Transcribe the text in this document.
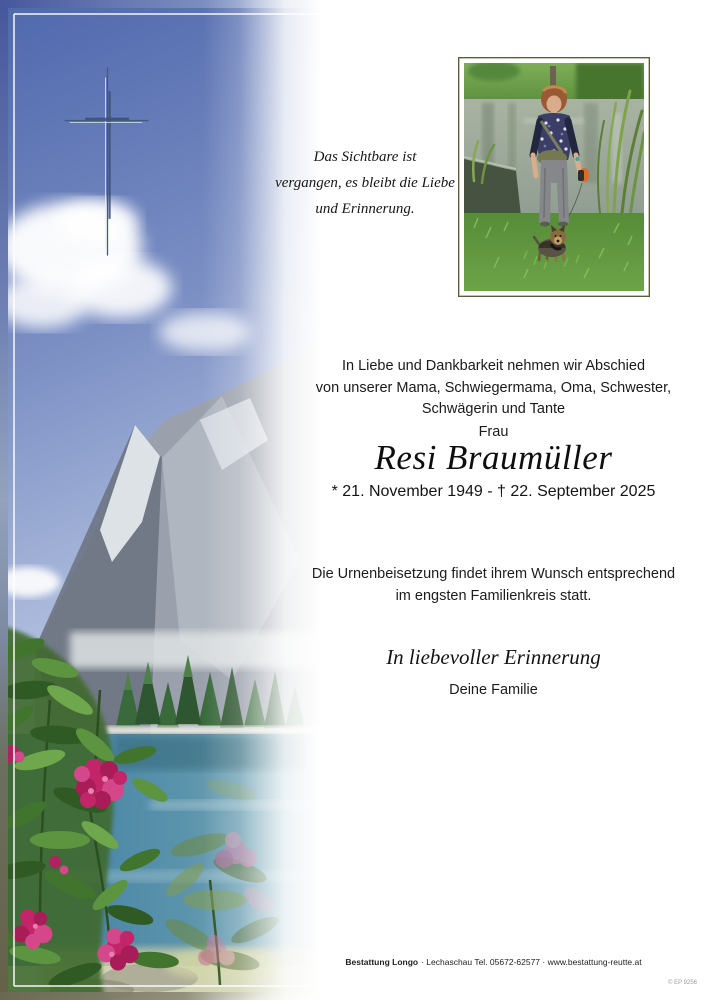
Das Sichtbare ist
vergangen, es bleibt die Liebe
und Erinnerung.
In Liebe und Dankbarkeit nehmen wir Abschied
von unserer Mama, Schwiegermama, Oma, Schwester,
Schwägerin und Tante
Frau
Resi Braumüller
* 21. November 1949 - † 22. September 2025
Die Urnenbeisetzung findet ihrem Wunsch entsprechend
im engsten Familienkreis statt.
In liebevoller Erinnerung
Deine Familie
Bestattung Longo · Lechaschau Tel. 05672-62577 · www.bestattung-reutte.at
© EP 9256
